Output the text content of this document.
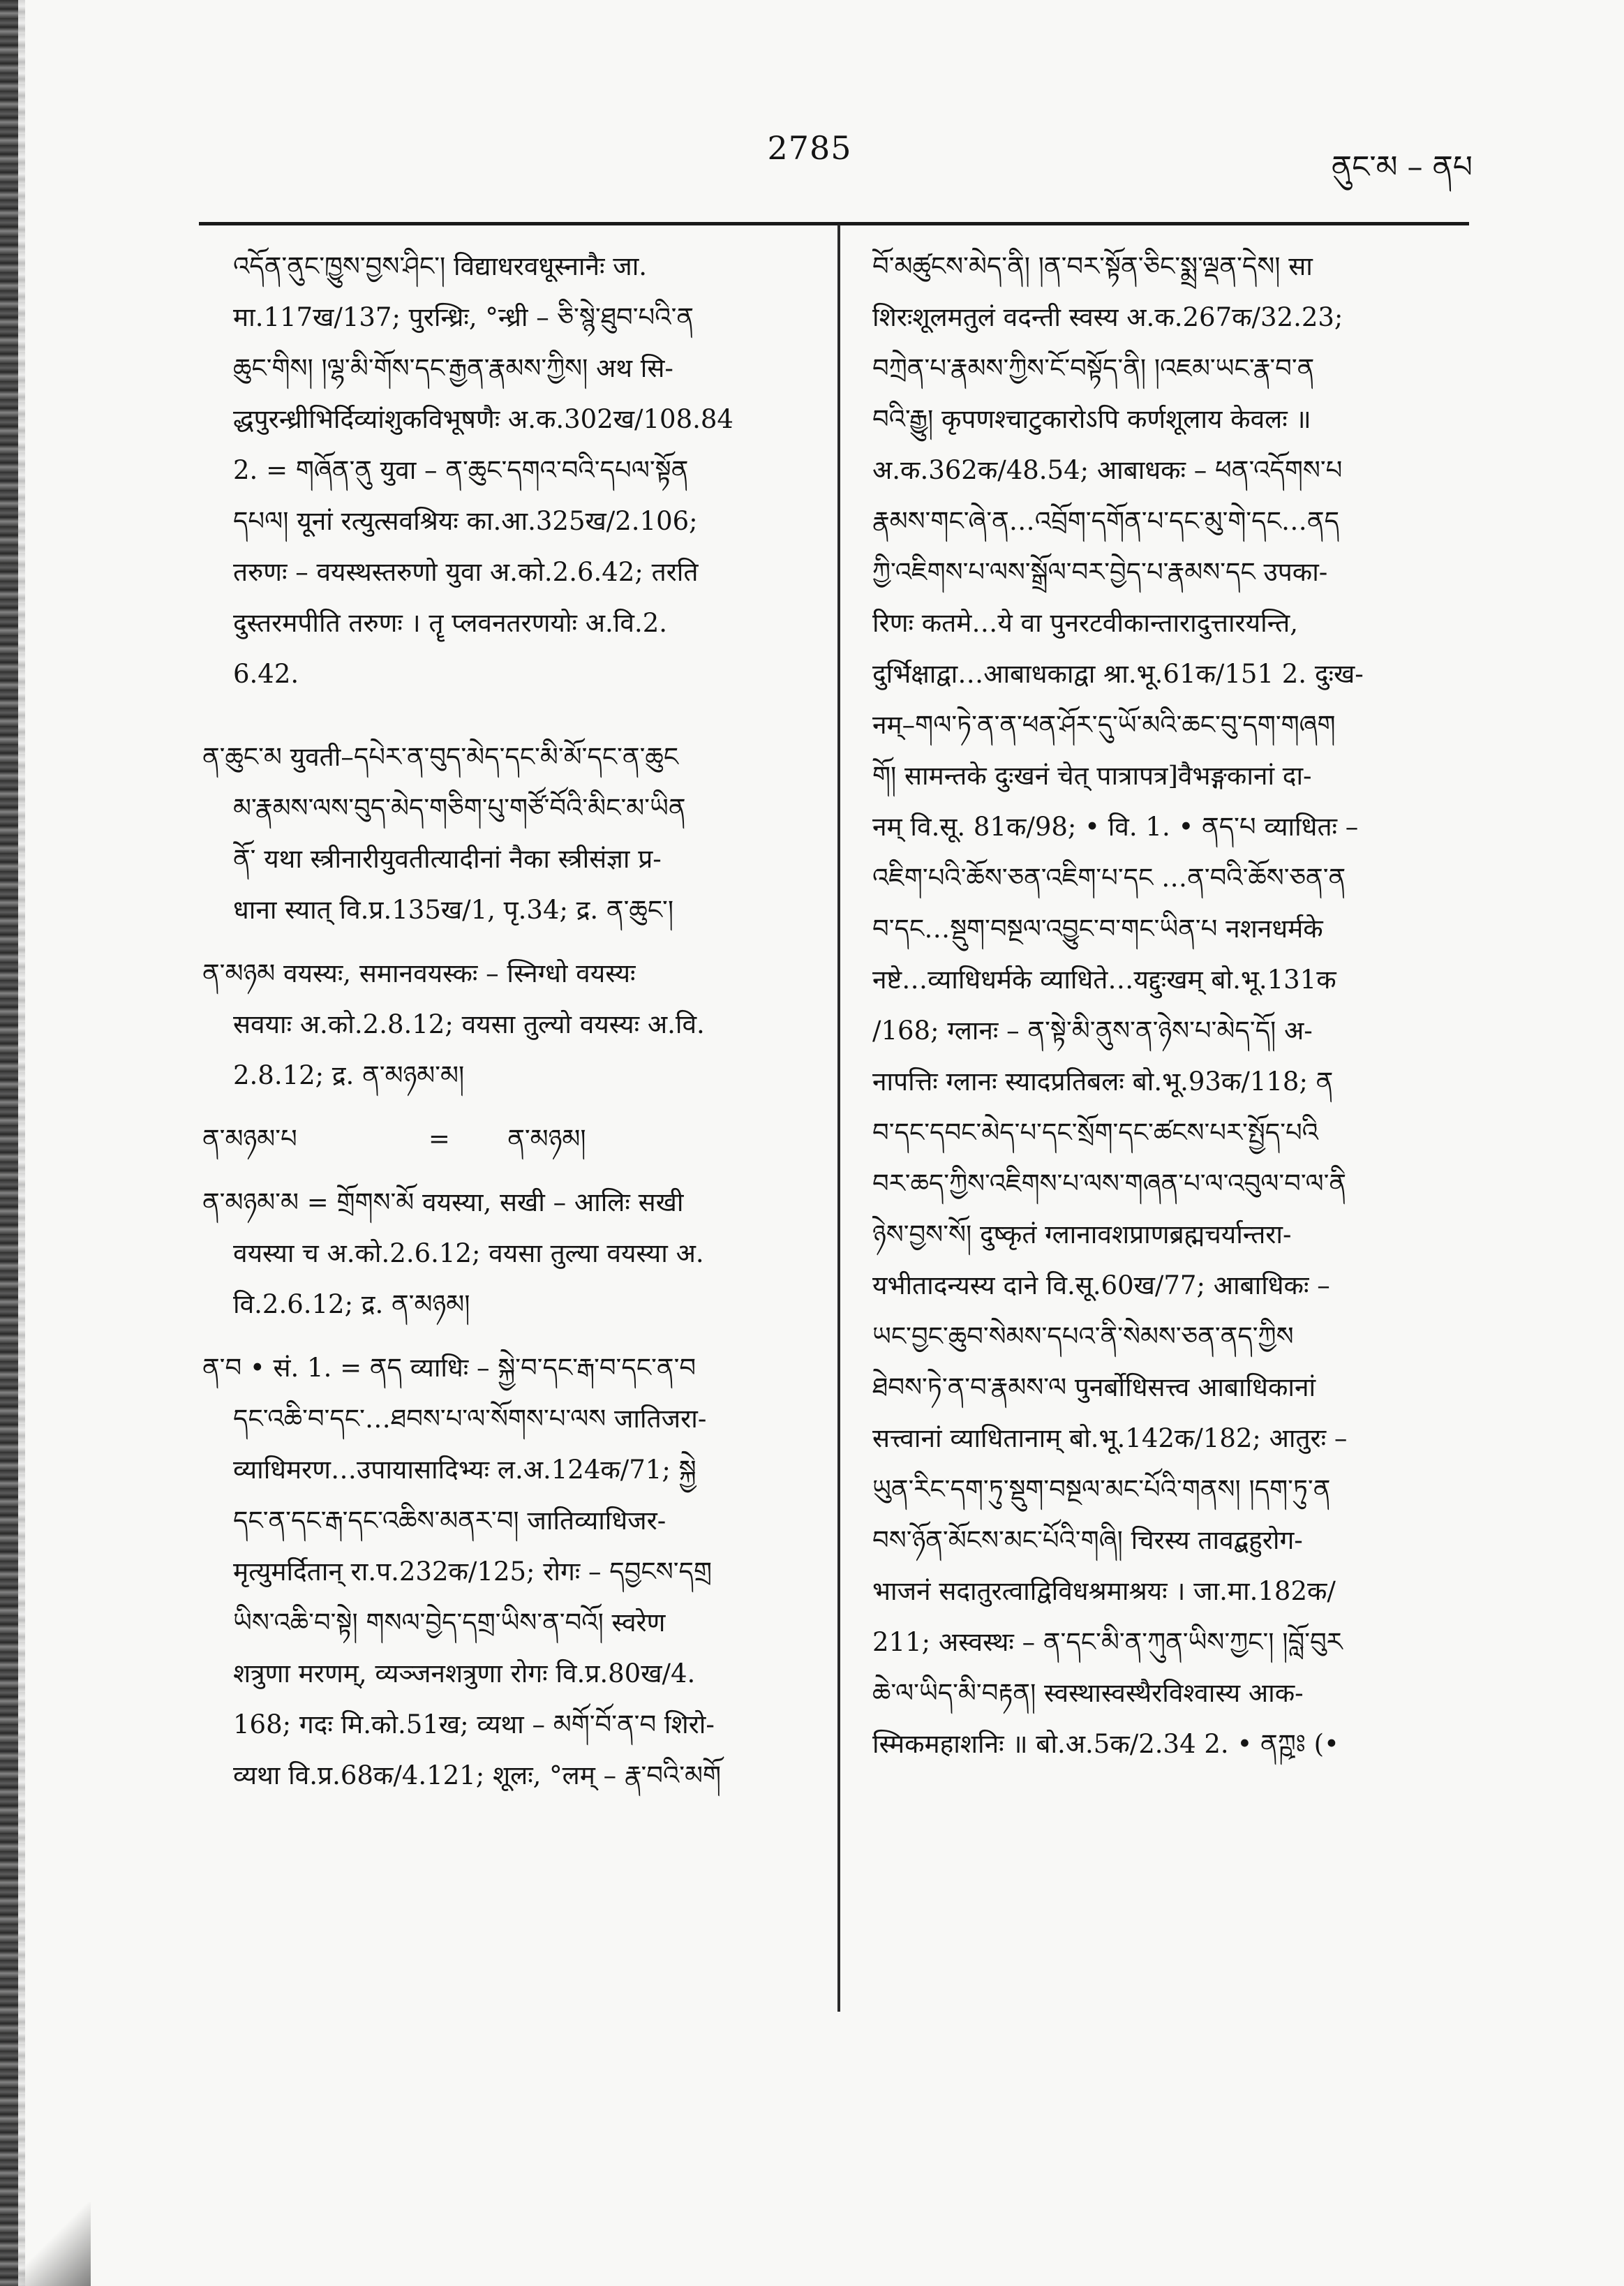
2785
ནུང་མ – ནཔ
འདོན་ནུང་ཁྱུས་བྱས་ཤིང༌། विद्याधरवधूस्नानैः जा.
मा.117ख/137; पुरन्ध्रिः, °न्ध्री – ཅི་སྙེ་ཐུབ་པའི་ན
ཆུང་གིས། །ལྷ་མི་གོས་དང་རྒྱན་རྣམས་ཀྱིས། अथ सि-
द्धपुरन्ध्रीभिर्दिव्यांशुकविभूषणैः अ.क.302ख/108.84
2. = གཞོན་ནུ युवा – ན་ཆུང་དགའ་བའི་དཔལ་སྟོན
དཔལ། यूनां रत्युत्सवश्रियः का.आ.325ख/2.106;
तरुणः – वयस्थस्तरुणो युवा अ.को.2.6.42; तरति
दुस्तरमपीति तरुणः । तॄ प्लवनतरणयोः अ.वि.2.
6.42.
ན་ཆུང་མ युवती–དཔེར་ན་བུད་མེད་དང་མི་མོ་དང་ན་ཆུང
མ་རྣམས་ལས་བུད་མེད་གཅིག་པུ་གཙོ་བོའི་མིང་མ་ཡིན
ནོ་ यथा स्त्रीनारीयुवतीत्यादीनां नैका स्त्रीसंज्ञा प्र-
धाना स्यात् वि.प्र.135ख/1, पृ.34; द्र. ན་ཆུང་།
ན་མཉམ वयस्यः, समानवयस्कः – स्निग्धो वयस्यः
सवयाः अ.को.2.8.12; वयसा तुल्यो वयस्यः अ.वि.
2.8.12; द्र. ན་མཉམ་མ།
ན་མཉམ་པ                =       ན་མཉམ།
ན་མཉམ་མ = གྲོགས་མོ वयस्या, सखी – आलिः सखी
वयस्या च अ.को.2.6.12; वयसा तुल्या वयस्या अ.
वि.2.6.12; द्र. ན་མཉམ།
ན་བ • सं. 1. = ནད व्याधिः – སྐྱེ་བ་དང་རྒ་བ་དང་ན་བ
དང་འཆི་བ་དང་…ཐབས་པ་ལ་སོགས་པ་ལས जातिजरा-
व्याधिमरण…उपायासादिभ्यः ल.अ.124क/71; སྐྱེ
དང་ན་དང་རྒ་དང་འཆིས་མནར་བ། जातिव्याधिजर-
मृत्युमर्दितान् रा.प.232क/125; रोगः – དབྱངས་དགྲ
ཡིས་འཆི་བ་སྟེ། གསལ་བྱེད་དགྲ་ཡིས་ན་བའོ། स्वरेण
शत्रुणा मरणम्, व्यञ्जनशत्रुणा रोगः वि.प्र.80ख/4.
168; गदः मि.को.51ख; व्यथा – མགོ་བོ་ན་བ शिरो-
व्यथा वि.प्र.68क/4.121; शूलः, °लम् – རྣ་བའི་མགོ
བོ་མཚུངས་མེད་ནི། །ན་བར་སྟོན་ཅིང་སྨྲ་ལྡན་དེས། सा
शिरःशूलमतुलं वदन्ती स्वस्य अ.क.267क/32.23;
བཀྲེན་པ་རྣམས་ཀྱིས་ངོ་བསྟོད་ནི། །འཇམ་ཡང་རྣ་བ་ན
བའི་རྒྱུ། कृपणश्चाटुकारोऽपि कर्णशूलाय केवलः ॥
अ.क.362क/48.54; आबाधकः – ཕན་འདོགས་པ
རྣམས་གང་ཞེ་ན…འབྲོག་དགོན་པ་དང་མུ་གེ་དང…ནད
ཀྱི་འཇིགས་པ་ལས་སྒྲོལ་བར་བྱེད་པ་རྣམས་དང उपका-
रिणः कतमे…ये वा पुनरटवीकान्तारादुत्तारयन्ति,
दुर्भिक्षाद्वा…आबाधकाद्वा श्रा.भू.61क/151 2. दुःख-
नम्–གལ་ཏེ་ན་ན་ཕན་ཤོར་དུ་ཡོ་མའི་ཆང་བུ་དག་གཞག
གོ། सामन्तके दुःखनं चेत् पात्रापत्र]वैभङ्गकानां दा-
नम् वि.सू. 81क/98; • वि. 1. • ནད་པ व्याधितः –
འཇིག་པའི་ཆོས་ཅན་འཇིག་པ་དང …ན་བའི་ཆོས་ཅན་ན
བ་དང…སྡུག་བསྔལ་འབྱུང་བ་གང་ཡིན་པ नशनधर्मके
नष्टे…व्याधिधर्मके व्याधिते…यद्दुःखम् बो.भू.131क
/168; ग्लानः – ན་སྟེ་མི་ནུས་ན་ཉེས་པ་མེད་དོ། अ-
नापत्तिः ग्लानः स्यादप्रतिबलः बो.भू.93क/118; ན
བ་དང་དབང་མེད་པ་དང་སྲོག་དང་ཚངས་པར་སྤྱོད་པའི
བར་ཆད་ཀྱིས་འཇིགས་པ་ལས་གཞན་པ་ལ་འབུལ་བ་ལ་ནི
ཉེས་བྱས་སོ། दुष्कृतं ग्लानावशप्राणब्रह्मचर्यान्तरा-
यभीतादन्यस्य दाने वि.सू.60ख/77; आबाधिकः –
ཡང་བྱང་ཆུབ་སེམས་དཔའ་ནི་སེམས་ཅན་ནད་ཀྱིས
ཐེབས་ཏེ་ན་བ་རྣམས་ལ पुनर्बोधिसत्त्व आबाधिकानां
सत्त्वानां व्याधितानाम् बो.भू.142क/182; आतुरः –
ཡུན་རིང་དག་ཏུ་སྡུག་བསྔལ་མང་པོའི་གནས། །དག་ཏུ་ན
བས་ཉོན་མོངས་མང་པོའི་གཞི། चिरस्य तावद्बहुरोग-
भाजनं सदातुरत्वाद्विविधश्रमाश्रयः । जा.मा.182क/
211; अस्वस्थः – ན་དང་མི་ན་ཀུན་ཡིས་ཀྱང་། །བློ་བུར
ཆེ་ལ་ཡིད་མི་བརྟན། स्वस्थास्वस्थैरविश्वास्य आक-
स्मिकमहाशनिः ॥ बो.अ.5क/2.34 2. • ནཀྵཿ (•
